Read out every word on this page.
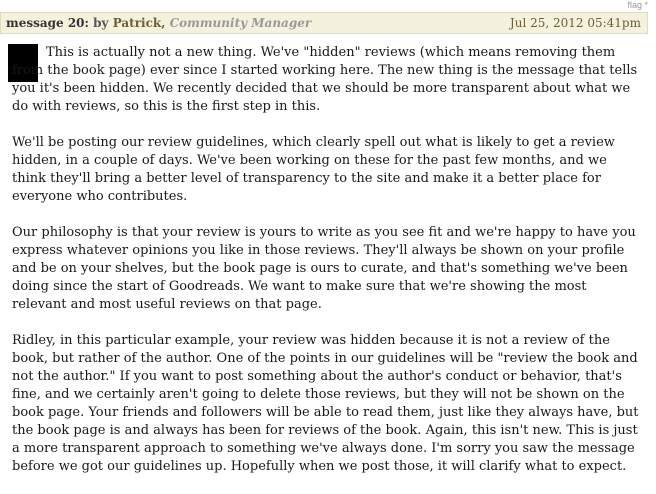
flag *
message 20: by Patrick, Community Manager	Jul 25, 2012 05:41pm

This is actually not a new thing. We've "hidden" reviews (which means removing them from the book page) ever since I started working here. The new thing is the message that tells you it's been hidden. We recently decided that we should be more transparent about what we do with reviews, so this is the first step in this.

We'll be posting our review guidelines, which clearly spell out what is likely to get a review hidden, in a couple of days. We've been working on these for the past few months, and we think they'll bring a better level of transparency to the site and make it a better place for everyone who contributes.

Our philosophy is that your review is yours to write as you see fit and we're happy to have you express whatever opinions you like in those reviews. They'll always be shown on your profile and be on your shelves, but the book page is ours to curate, and that's something we've been doing since the start of Goodreads. We want to make sure that we're showing the most relevant and most useful reviews on that page.

Ridley, in this particular example, your review was hidden because it is not a review of the book, but rather of the author. One of the points in our guidelines will be "review the book and not the author." If you want to post something about the author's conduct or behavior, that's fine, and we certainly aren't going to delete those reviews, but they will not be shown on the book page. Your friends and followers will be able to read them, just like they always have, but the book page is and always has been for reviews of the book. Again, this isn't new. This is just a more transparent approach to something we've always done. I'm sorry you saw the message before we got our guidelines up. Hopefully when we post those, it will clarify what to expect.
